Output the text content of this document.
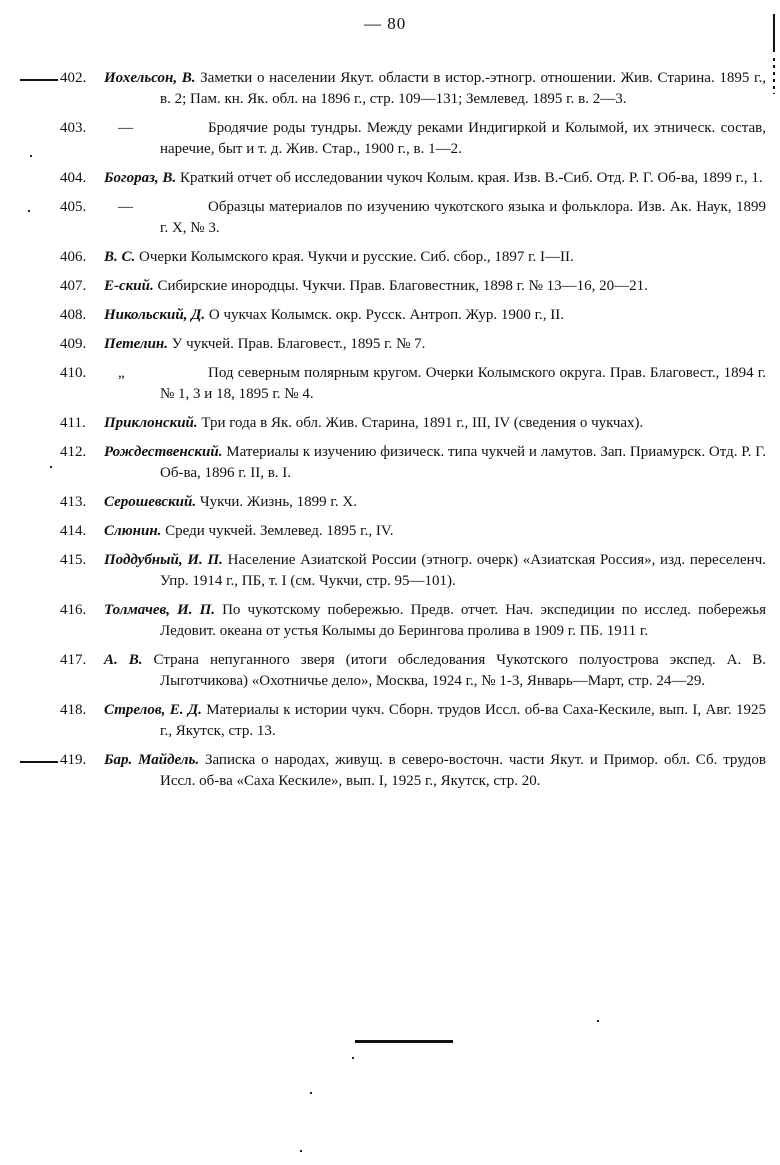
— 80
402.	Иохельсон, В. Заметки о населении Якут. области в истор.-этногр. отношении. Жив. Старина. 1895 г., в. 2; Пам. кн. Як. обл. на 1896 г., стр. 109—131; Землевед. 1895 г. в. 2—3.
403.	—	Бродячие роды тундры. Между реками Индигиркой и Колымой, их этническ. состав, наречие, быт и т. д. Жив. Стар., 1900 г., в. 1—2.
404.	Богораз, В. Краткий отчет об исследовании чукоч Колым. края. Изв. В.-Сиб. Отд. Р. Г. Об-ва, 1899 г., 1.
405.	—	Образцы материалов по изучению чукотского языка и фольклора. Изв. Ак. Наук, 1899 г. X, № 3.
406.	В. С. Очерки Колымского края. Чукчи и русские. Сиб. сбор., 1897 г. I—II.
407.	Е-ский. Сибирские инородцы. Чукчи. Прав. Благовестник, 1898 г. № 13—16, 20—21.
408.	Никольский, Д. О чукчах Колымск. окр. Русск. Антроп. Жур. 1900 г., II.
409.	Петелин. У чукчей. Прав. Благовест., 1895 г. № 7.
410.	„	Под северным полярным кругом. Очерки Колымского округа. Прав. Благовест., 1894 г. № 1, 3 и 18, 1895 г. № 4.
411.	Приклонский. Три года в Як. обл. Жив. Старина, 1891 г., III, IV (сведения о чукчах).
412.	Рождественский. Материалы к изучению физическ. типа чукчей и ламутов. Зап. Приамурск. Отд. Р. Г. Об-ва, 1896 г. II, в. I.
413.	Серошевский. Чукчи. Жизнь, 1899 г. X.
414.	Слюнин. Среди чукчей. Землевед. 1895 г., IV.
415.	Поддубный, И. П. Население Азиатской России (этногр. очерк) «Азиатская Россия», изд. переселенч. Упр. 1914 г., ПБ, т. I (см. Чукчи, стр. 95—101).
416.	Толмачев, И. П. По чукотскому побережью. Предв. отчет. Нач. экспедиции по исслед. побережья Ледовит. океана от устья Колымы до Берингова пролива в 1909 г. ПБ. 1911 г.
417.	А. В. Страна непуганного зверя (итоги обследования Чукотского полуострова экспед. А. В. Лыготчикова) «Охотничье дело», Москва, 1924 г., № 1-3, Январь—Март, стр. 24—29.
418.	Стрелов, Е. Д. Материалы к истории чукч. Сборн. трудов Иссл. об-ва Саха-Кескиле, вып. I, Авг. 1925 г., Якутск, стр. 13.
419.	Бар. Майдель. Записка о народах, живущ. в северо-восточн. части Якут. и Примор. обл. Сб. трудов Иссл. об-ва «Саха Кескиле», вып. I, 1925 г., Якутск, стр. 20.
